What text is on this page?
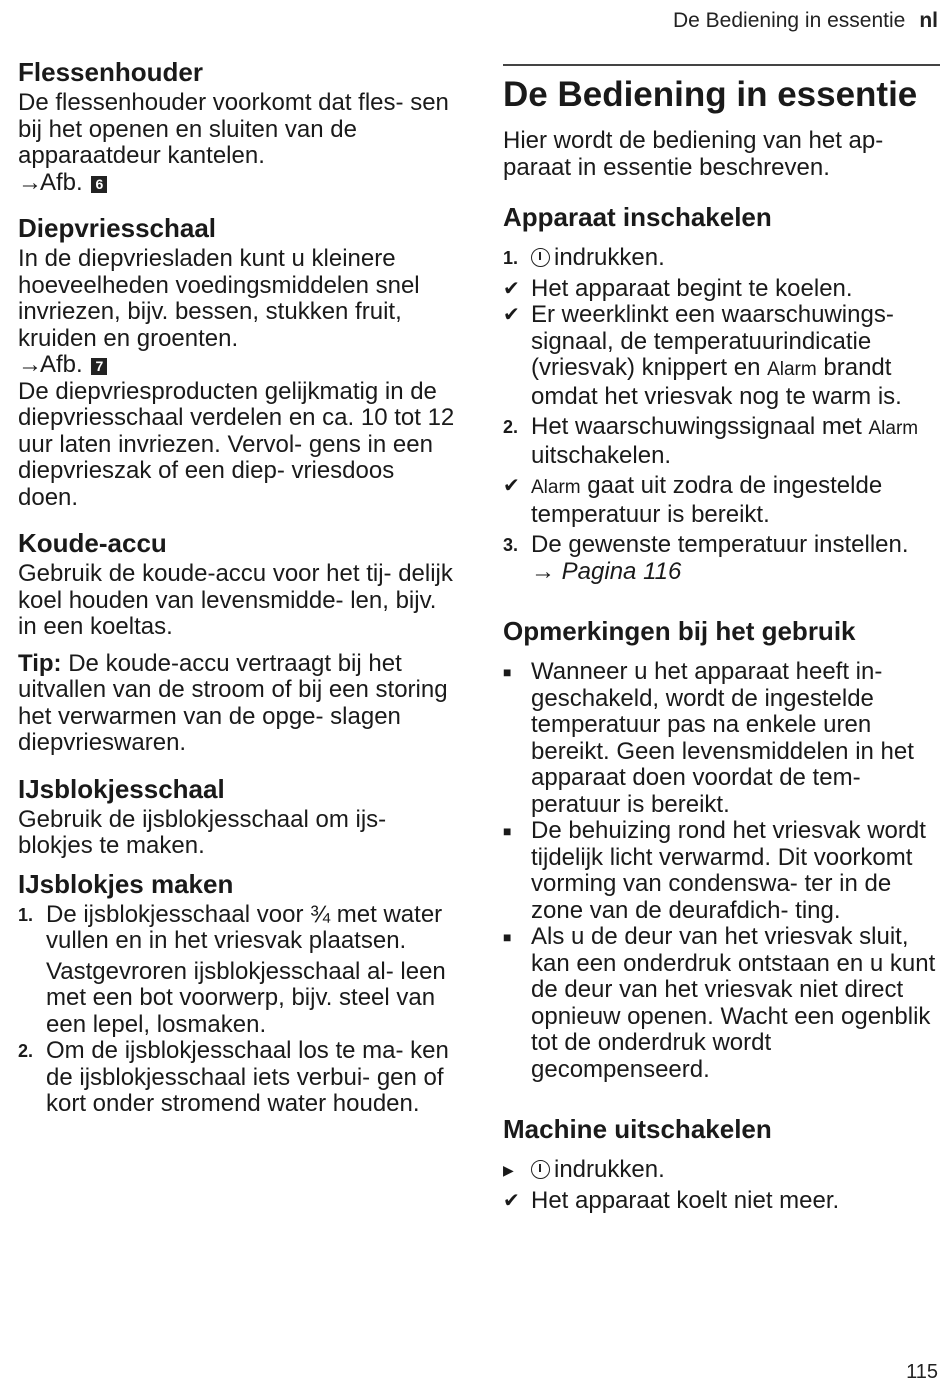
De Bediening in essentie nl
Flessenhouder

De flessenhouder voorkomt dat fles- sen bij het openen en sluiten van de apparaatdeur kantelen.

→Afb. 6
Diepvriesschaal

In de diepvriesladen kunt u kleinere hoeveelheden voedingsmiddelen snel invriezen, bijv. bessen, stukken fruit, kruiden en groenten.

→Afb. 7

De diepvriesproducten gelijkmatig in de diepvriesschaal verdelen en ca. 10 tot 12 uur laten invriezen. Vervol- gens in een diepvrieszak of een diep- vriesdoos doen.

Koude-accu

Gebruik de koude-accu voor het tij- delijk koel houden van levensmidde- len, bijv. in een koeltas.

Tip: De koude-accu vertraagt bij het uitvallen van de stroom of bij een storing het verwarmen van de opge- slagen diepvrieswaren.

IJsblokjesschaal

Gebruik de ijsblokjesschaal om ijs- blokjes te maken.

IJsblokjes maken
1. De ijsblokjesschaal voor ¾ met water vullen en in het vriesvak plaatsen.
Vastgevroren ijsblokjesschaal al- leen met een bot voorwerp, bijv. steel van een lepel, losmaken.
2. Om de ijsblokjesschaal los te ma- ken de ijsblokjesschaal iets verbui- gen of kort onder stromend water houden.
De Bediening in essentie

Hier wordt de bediening van het ap- paraat in essentie beschreven.

Apparaat inschakelen
1.	indrukken.
✔ Het apparaat begint te koelen.
✔ Er weerklinkt een waarschuwings- signaal, de temperatuurindicatie (vriesvak) knippert en Alarm brandt omdat het vriesvak nog te warm is.
2. Het waarschuwingssignaal met Alarm uitschakelen.
✔ Alarm gaat uit zodra de ingestelde temperatuur is bereikt.
3. De gewenste temperatuur instellen.
→ Pagina 116
Opmerkingen bij het gebruik
■ Wanneer u het apparaat heeft in- geschakeld, wordt de ingestelde temperatuur pas na enkele uren bereikt. Geen levensmiddelen in het apparaat doen voordat de tem- peratuur is bereikt.
■ De behuizing rond het vriesvak wordt tijdelijk licht verwarmd. Dit voorkomt vorming van condenswa- ter in de zone van de deurafdich- ting.
■ Als u de deur van het vriesvak sluit, kan een onderdruk ontstaan en u kunt de deur van het vriesvak niet direct opnieuw openen. Wacht een ogenblik tot de onderdruk wordt gecompenseerd.
Machine uitschakelen
▶	indrukken.
✔ Het apparaat koelt niet meer.
115
